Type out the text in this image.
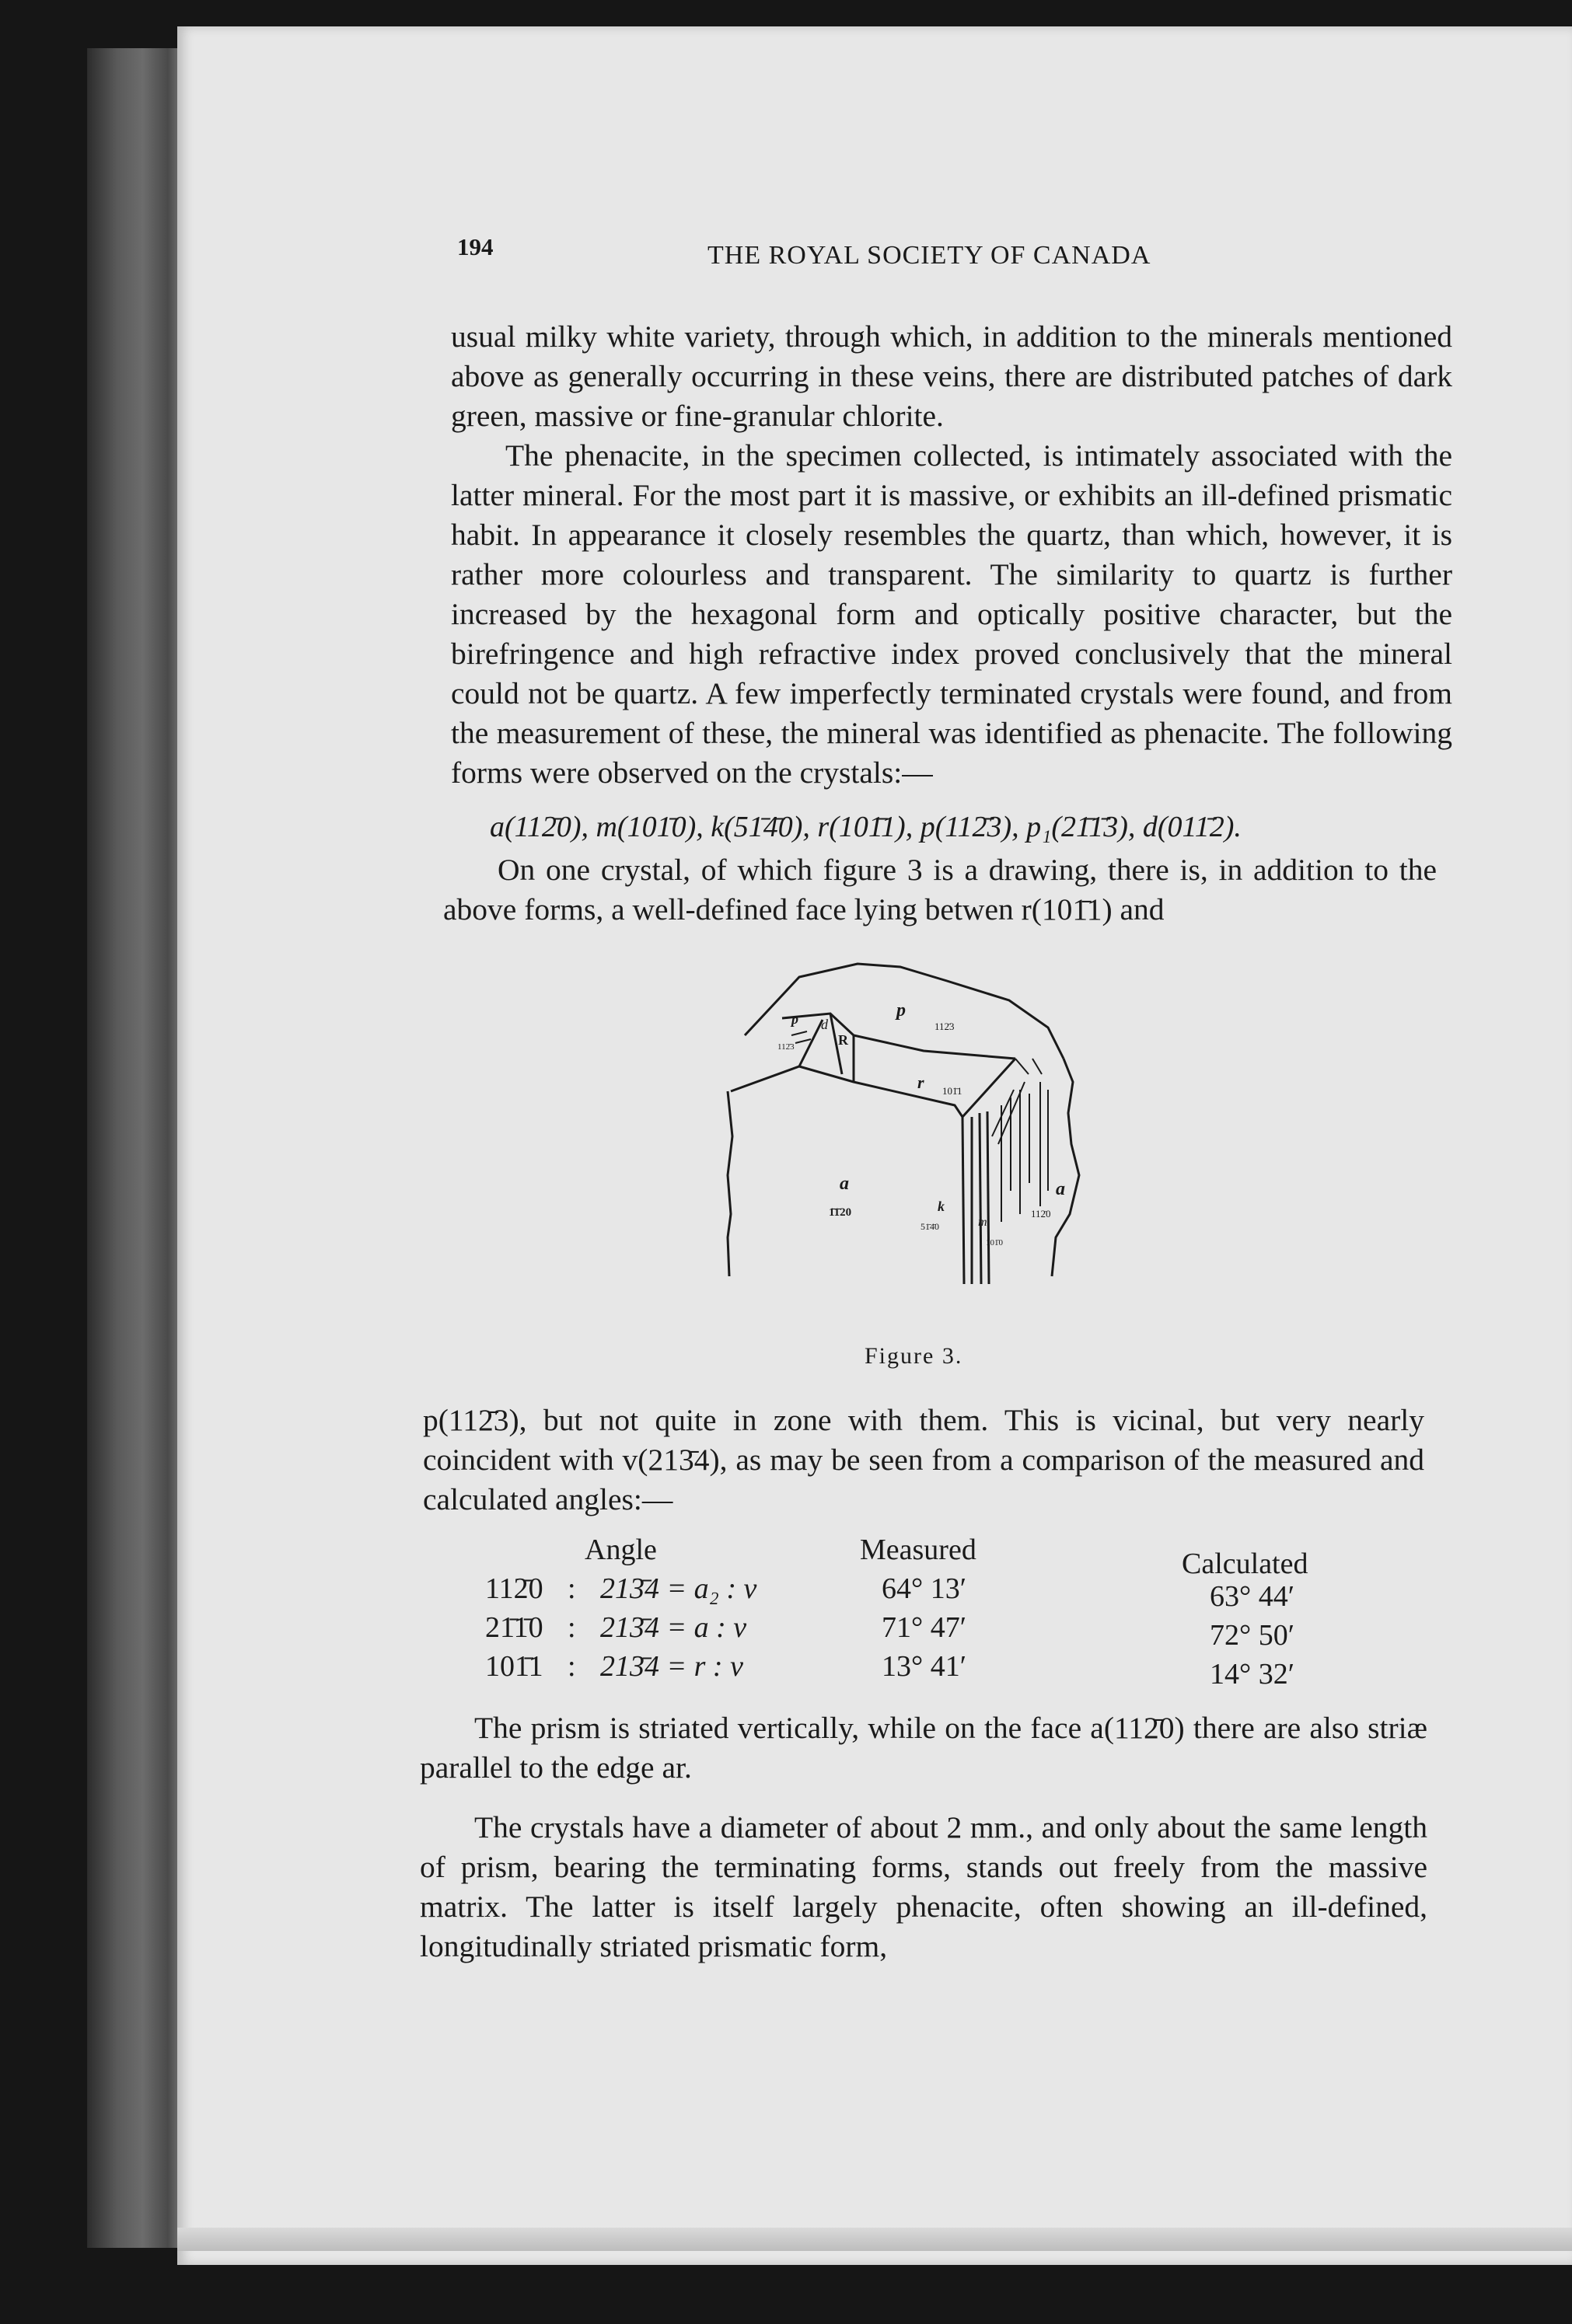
194	THE ROYAL SOCIETY OF CANADA

usual milky white variety, through which, in addition to the minerals mentioned above as generally occurring in these veins, there are distributed patches of dark green, massive or fine-granular chlorite.

The phenacite, in the specimen collected, is intimately associated with the latter mineral. For the most part it is massive, or exhibits an ill-defined prismatic habit. In appearance it closely resembles the quartz, than which, however, it is rather more colourless and transparent. The similarity to quartz is further increased by the hexagonal form and optically positive character, but the birefringence and high refractive index proved conclusively that the mineral could not be quartz. A few imperfectly terminated crystals were found, and from the measurement of these, the mineral was identified as phenacite. The following forms were observed on the crystals:—

a(112̄0), m(101̄0), k(51̄4̄0), r(101̄1), p(112̄3), p₁(21̄1̄3), d(011̄2).

On one crystal, of which figure 3 is a drawing, there is, in addition to the above forms, a well-defined face lying betwen r(101̄1) and

p
112̄3
p
112̄3
d
R
r 101̄1
a
1̄1̄20	k
51̄4̄0	m
101̄0
a
112̄0
Figure 3.

p(112̄3), but not quite in zone with them. This is vicinal, but very nearly coincident with v(213̄4), as may be seen from a comparison of the measured and calculated angles:—

Angle	Measured	Calculated
112̄0 : 213̄4 = a₂ : v	64° 13′	63° 44′
21̄1̄0 : 213̄4 = a : v	71° 47′	72° 50′
101̄1 : 213̄4 = r : v	13° 41′	14° 32′

The prism is striated vertically, while on the face a(112̄0) there are also striæ parallel to the edge ar.

The crystals have a diameter of about 2 mm., and only about the same length of prism, bearing the terminating forms, stands out freely from the massive matrix. The latter is itself largely phenacite, often showing an ill-defined, longitudinally striated prismatic form,
